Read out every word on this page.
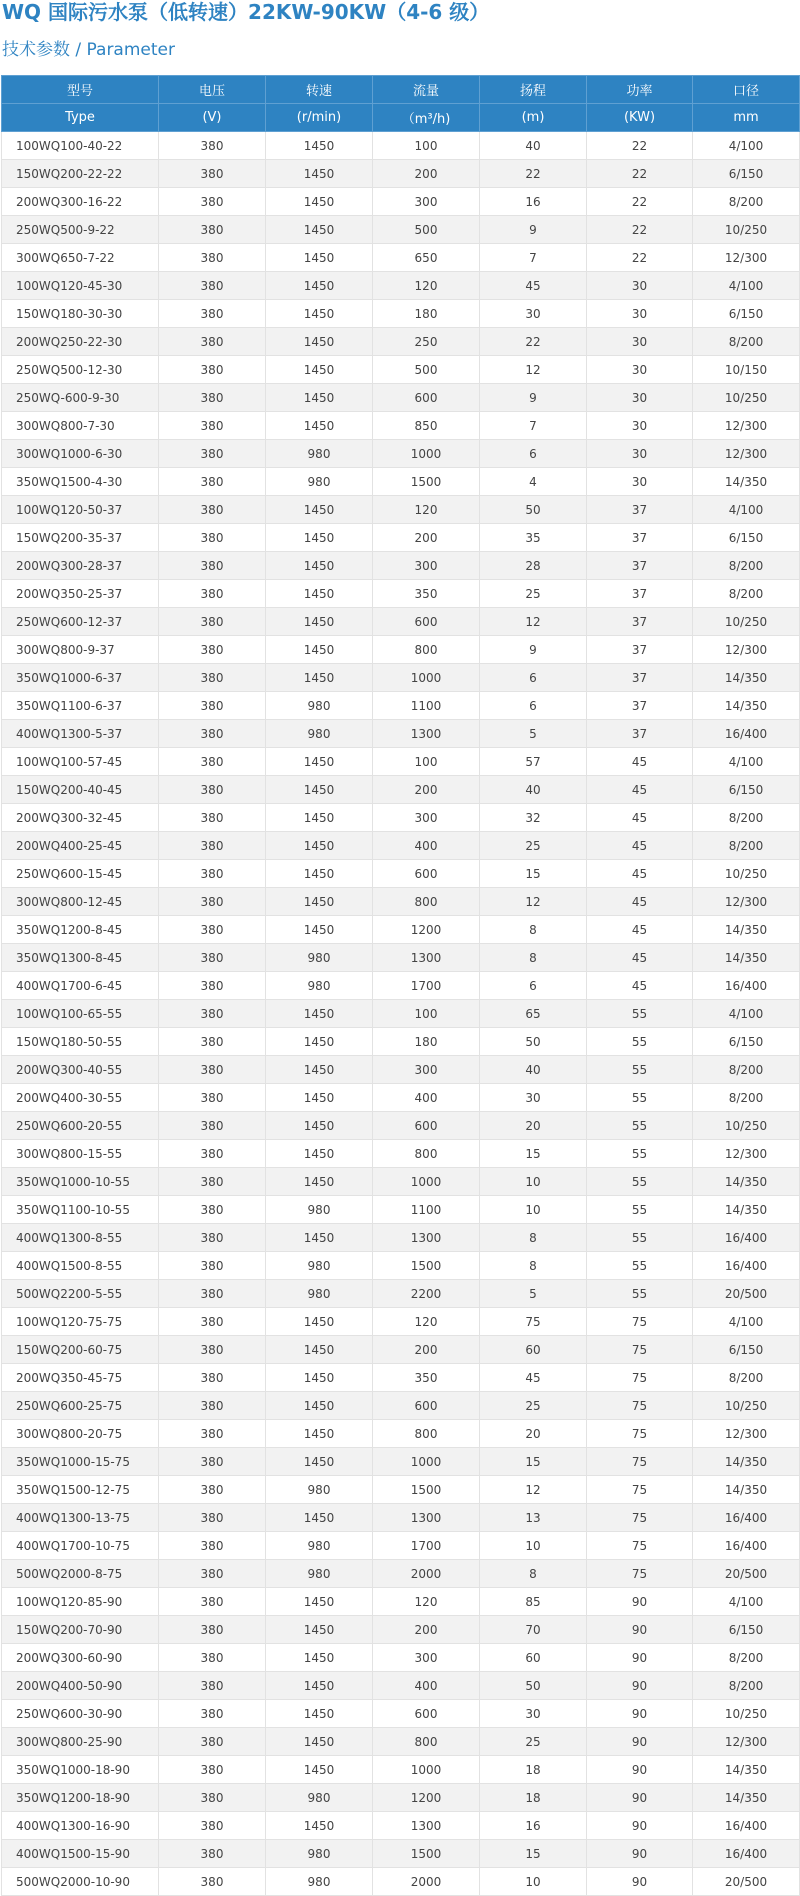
WQ 国际污水泵（低转速）22KW-90KW（4-6 级）
技术参数 / Parameter
型号	电压	转速	流量	扬程	功率	口径
Type	(V)	(r/min)	（m³/h)	(m)	(KW)	mm
100WQ100-40-22	380	1450	100	40	22	4/100
150WQ200-22-22	380	1450	200	22	22	6/150
200WQ300-16-22	380	1450	300	16	22	8/200
250WQ500-9-22	380	1450	500	9	22	10/250
300WQ650-7-22	380	1450	650	7	22	12/300
100WQ120-45-30	380	1450	120	45	30	4/100
150WQ180-30-30	380	1450	180	30	30	6/150
200WQ250-22-30	380	1450	250	22	30	8/200
250WQ500-12-30	380	1450	500	12	30	10/150
250WQ-600-9-30	380	1450	600	9	30	10/250
300WQ800-7-30	380	1450	850	7	30	12/300
300WQ1000-6-30	380	980	1000	6	30	12/300
350WQ1500-4-30	380	980	1500	4	30	14/350
100WQ120-50-37	380	1450	120	50	37	4/100
150WQ200-35-37	380	1450	200	35	37	6/150
200WQ300-28-37	380	1450	300	28	37	8/200
200WQ350-25-37	380	1450	350	25	37	8/200
250WQ600-12-37	380	1450	600	12	37	10/250
300WQ800-9-37	380	1450	800	9	37	12/300
350WQ1000-6-37	380	1450	1000	6	37	14/350
350WQ1100-6-37	380	980	1100	6	37	14/350
400WQ1300-5-37	380	980	1300	5	37	16/400
100WQ100-57-45	380	1450	100	57	45	4/100
150WQ200-40-45	380	1450	200	40	45	6/150
200WQ300-32-45	380	1450	300	32	45	8/200
200WQ400-25-45	380	1450	400	25	45	8/200
250WQ600-15-45	380	1450	600	15	45	10/250
300WQ800-12-45	380	1450	800	12	45	12/300
350WQ1200-8-45	380	1450	1200	8	45	14/350
350WQ1300-8-45	380	980	1300	8	45	14/350
400WQ1700-6-45	380	980	1700	6	45	16/400
100WQ100-65-55	380	1450	100	65	55	4/100
150WQ180-50-55	380	1450	180	50	55	6/150
200WQ300-40-55	380	1450	300	40	55	8/200
200WQ400-30-55	380	1450	400	30	55	8/200
250WQ600-20-55	380	1450	600	20	55	10/250
300WQ800-15-55	380	1450	800	15	55	12/300
350WQ1000-10-55	380	1450	1000	10	55	14/350
350WQ1100-10-55	380	980	1100	10	55	14/350
400WQ1300-8-55	380	1450	1300	8	55	16/400
400WQ1500-8-55	380	980	1500	8	55	16/400
500WQ2200-5-55	380	980	2200	5	55	20/500
100WQ120-75-75	380	1450	120	75	75	4/100
150WQ200-60-75	380	1450	200	60	75	6/150
200WQ350-45-75	380	1450	350	45	75	8/200
250WQ600-25-75	380	1450	600	25	75	10/250
300WQ800-20-75	380	1450	800	20	75	12/300
350WQ1000-15-75	380	1450	1000	15	75	14/350
350WQ1500-12-75	380	980	1500	12	75	14/350
400WQ1300-13-75	380	1450	1300	13	75	16/400
400WQ1700-10-75	380	980	1700	10	75	16/400
500WQ2000-8-75	380	980	2000	8	75	20/500
100WQ120-85-90	380	1450	120	85	90	4/100
150WQ200-70-90	380	1450	200	70	90	6/150
200WQ300-60-90	380	1450	300	60	90	8/200
200WQ400-50-90	380	1450	400	50	90	8/200
250WQ600-30-90	380	1450	600	30	90	10/250
300WQ800-25-90	380	1450	800	25	90	12/300
350WQ1000-18-90	380	1450	1000	18	90	14/350
350WQ1200-18-90	380	980	1200	18	90	14/350
400WQ1300-16-90	380	1450	1300	16	90	16/400
400WQ1500-15-90	380	980	1500	15	90	16/400
500WQ2000-10-90	380	980	2000	10	90	20/500
